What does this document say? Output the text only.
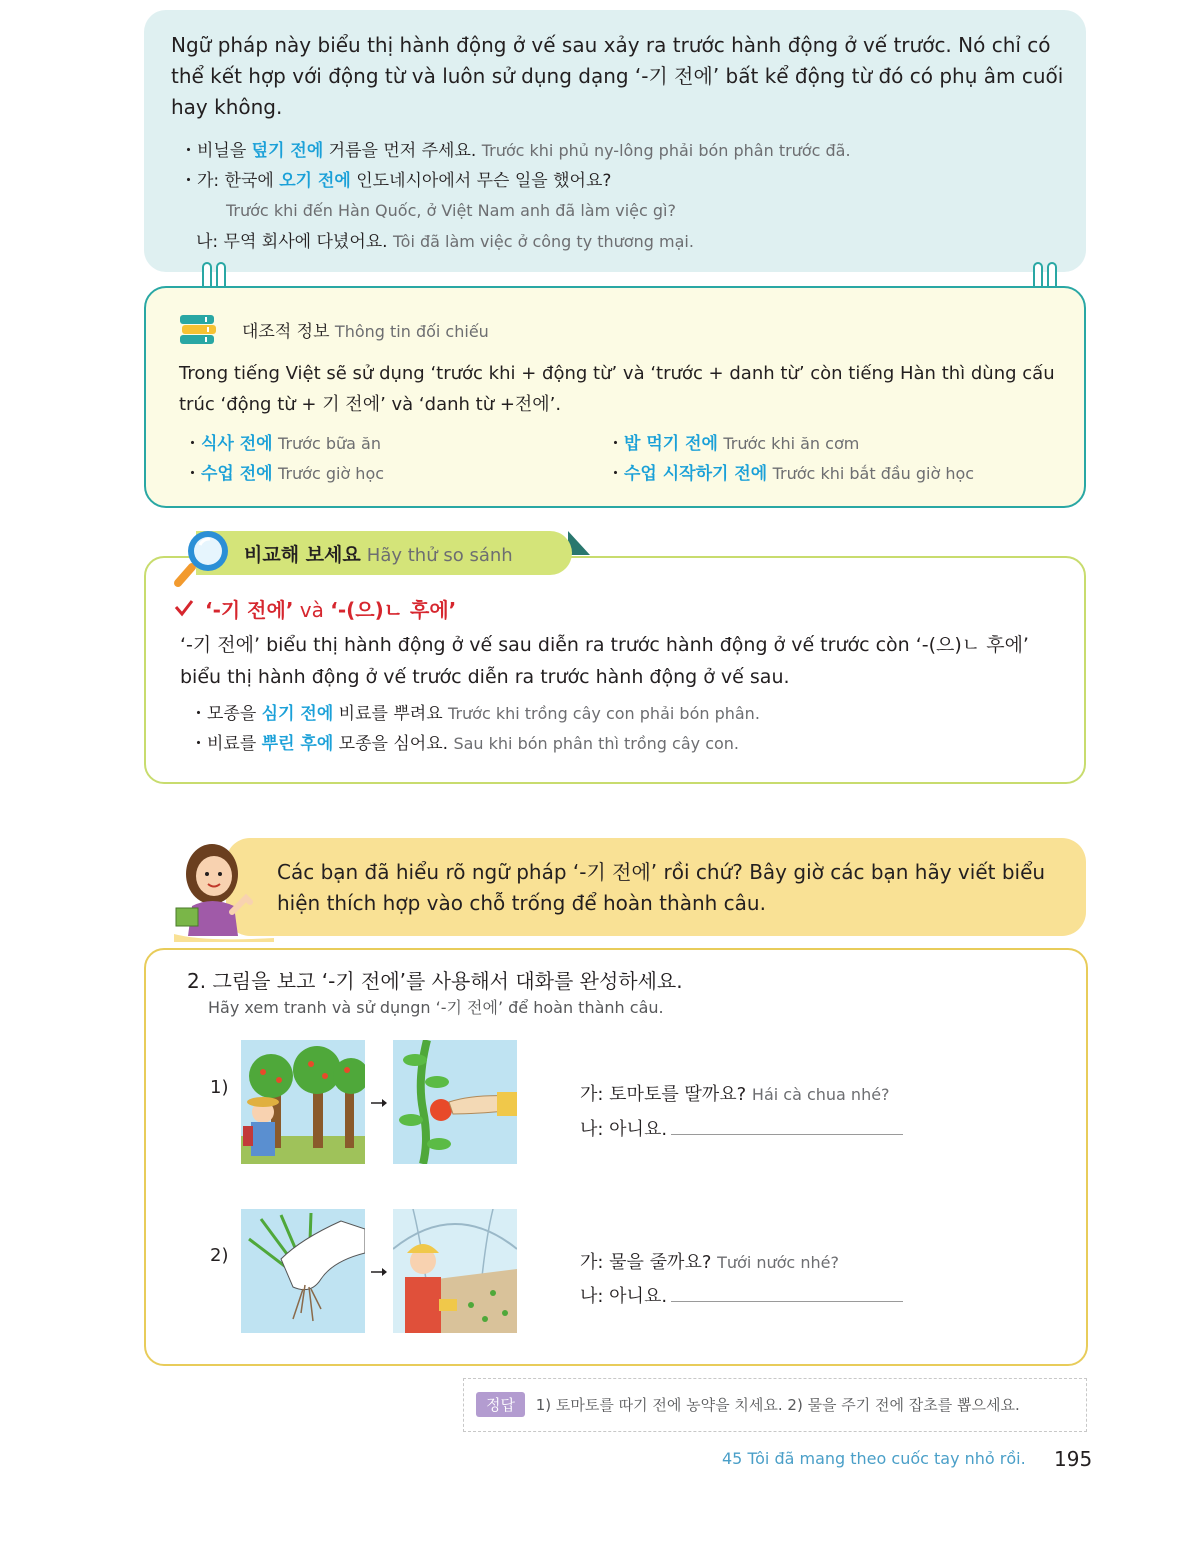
Ngữ pháp này biểu thị hành động ở vế sau xảy ra trước hành động ở vế trước. Nó chỉ có thể kết hợp với động từ và luôn sử dụng dạng ‘-기 전에’ bất kể động từ đó có phụ âm cuối hay không.
・비닐을 덮기 전에 거름을 먼저 주세요. Trước khi phủ ny-lông phải bón phân trước đã.
・가: 한국에 오기 전에 인도네시아에서 무슨 일을 했어요?
Trước khi đến Hàn Quốc, ở Việt Nam anh đã làm việc gì?
나: 무역 회사에 다녔어요. Tôi đã làm việc ở công ty thương mại.
대조적 정보 Thông tin đối chiếu
Trong tiếng Việt sẽ sử dụng ‘trước khi + động từ’ và ‘trước + danh từ’ còn tiếng Hàn thì dùng cấu trúc ‘động từ + 기 전에’ và ‘danh từ +전에’.
・식사 전에 Trước bữa ăn	・밥 먹기 전에 Trước khi ăn cơm
・수업 전에 Trước giờ học	・수업 시작하기 전에 Trước khi bắt đầu giờ học
비교해 보세요 Hãy thử so sánh
‘-기 전에’ và ‘-(으)ㄴ 후에’
‘-기 전에’ biểu thị hành động ở vế sau diễn ra trước hành động ở vế trước còn ‘-(으)ㄴ 후에’ biểu thị hành động ở vế trước diễn ra trước hành động ở vế sau.
・모종을 심기 전에 비료를 뿌려요 Trước khi trồng cây con phải bón phân.
・비료를 뿌린 후에 모종을 심어요. Sau khi bón phân thì trồng cây con.
Các bạn đã hiểu rõ ngữ pháp ‘-기 전에’ rồi chứ? Bây giờ các bạn hãy viết biểu hiện thích hợp vào chỗ trống để hoàn thành câu.
2. 그림을 보고 ‘-기 전에’를 사용해서 대화를 완성하세요.
Hãy xem tranh và sử dụngn ‘-기 전에’ để hoàn thành câu.
1)	가: 토마토를 딸까요? Hái cà chua nhé?
나: 아니요.
2)	가: 물을 줄까요? Tưới nước nhé?
나: 아니요.
정답 1) 토마토를 따기 전에 농약을 치세요. 2) 물을 주기 전에 잡초를 뽑으세요.
45 Tôi đã mang theo cuốc tay nhỏ rồi. 195
